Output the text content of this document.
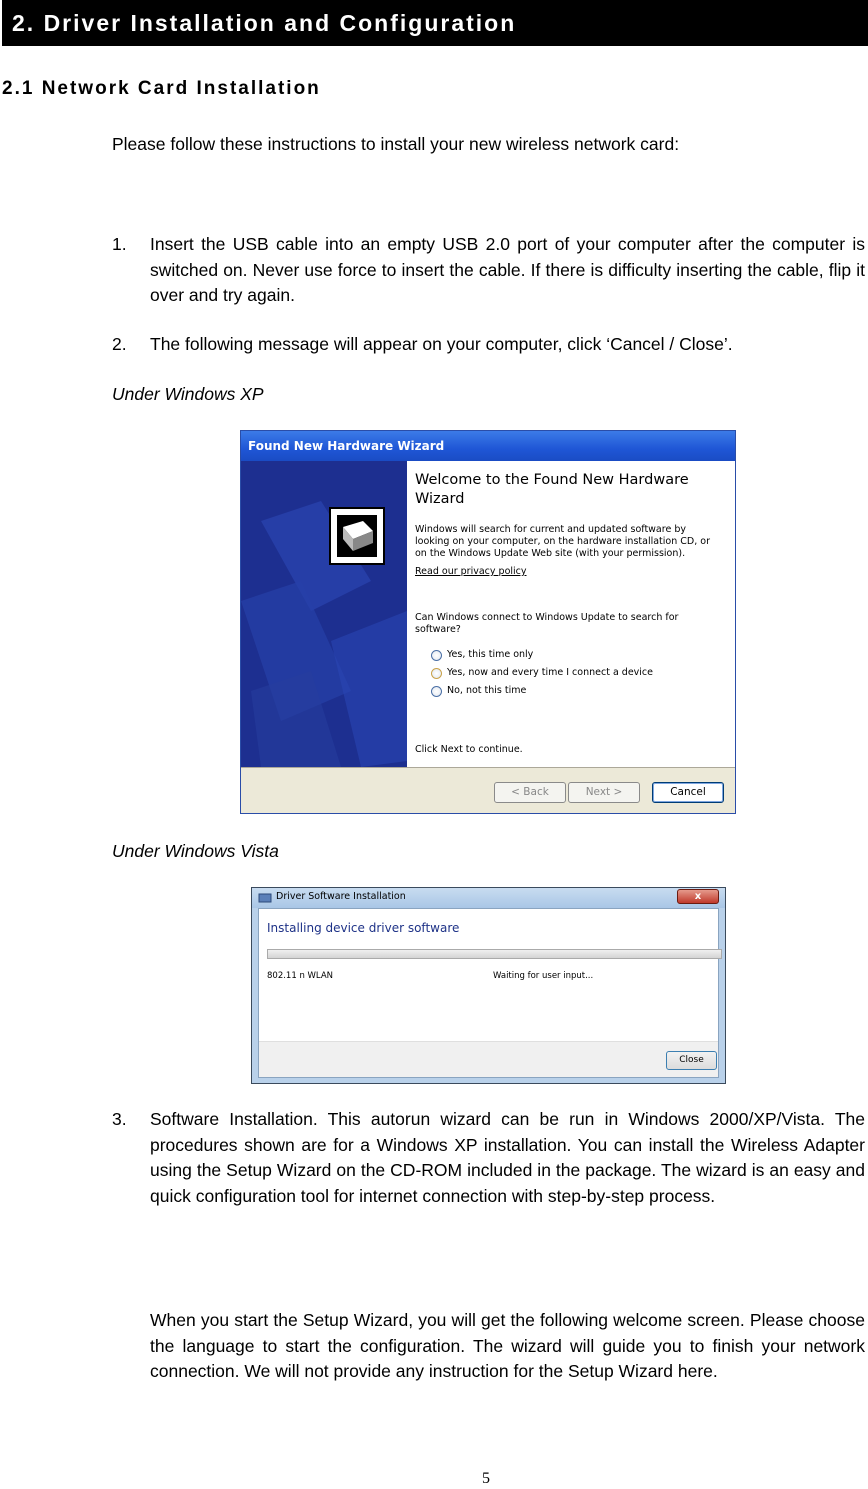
2. Driver Installation and Configuration
2.1 Network Card Installation
Please follow these instructions to install your new wireless network card:
1. Insert the USB cable into an empty USB 2.0 port of your computer after the computer is switched on. Never use force to insert the cable. If there is difficulty inserting the cable, flip it over and try again.
2. The following message will appear on your computer, click ‘Cancel / Close’.
Under Windows XP
Found New Hardware Wizard
Welcome to the Found New Hardware Wizard
Windows will search for current and updated software by looking on your computer, on the hardware installation CD, or on the Windows Update Web site (with your permission).
Read our privacy policy
Can Windows connect to Windows Update to search for software?
Yes, this time only
Yes, now and every time I connect a device
No, not this time
Click Next to continue.
< Back	Next >	Cancel
Under Windows Vista
Driver Software Installation	x
Installing device driver software
802.11 n WLAN	Waiting for user input...
Close
3. Software Installation. This autorun wizard can be run in Windows 2000/XP/Vista. The procedures shown are for a Windows XP installation. You can install the Wireless Adapter using the Setup Wizard on the CD-ROM included in the package. The wizard is an easy and quick configuration tool for internet connection with step-by-step process.
When you start the Setup Wizard, you will get the following welcome screen. Please choose the language to start the configuration. The wizard will guide you to finish your network connection. We will not provide any instruction for the Setup Wizard here.
5
